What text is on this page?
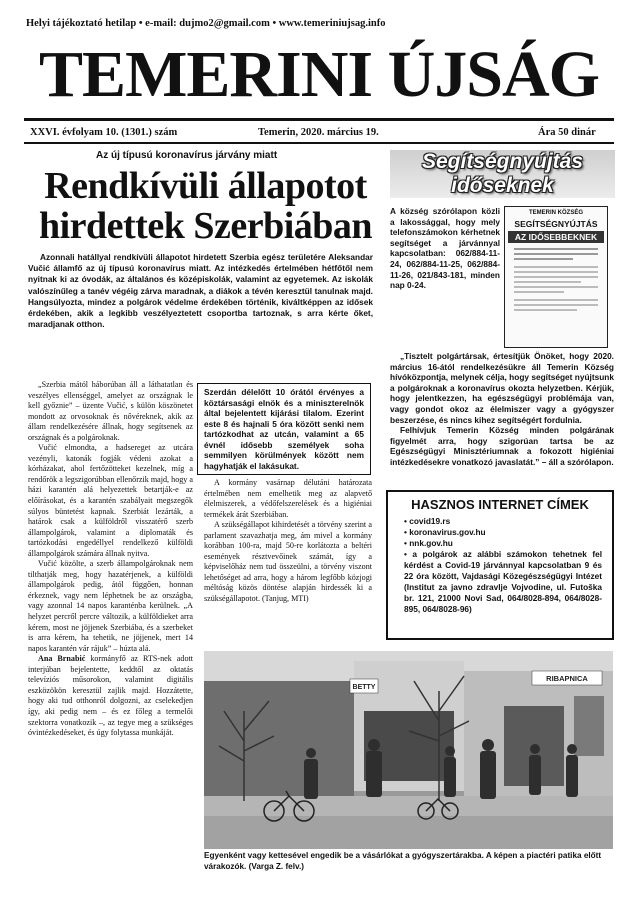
Helyi tájékoztató hetilap • e-mail: dujmo2@gmail.com • www.temeriniujsag.info
TEMERINI ÚJSÁG
XXVI. évfolyam 10. (1301.) szám	Temerin, 2020. március 19.	Ára 50 dinár
Az új típusú koronavírus járvány miatt
Rendkívüli állapotot hirdettek Szerbiában
Azonnali hatállyal rendkívüli állapotot hirdetett Szerbia egész területére Aleksandar Vučić államfő az új típusú koronavírus miatt. Az intézkedés értelmében hétfőtől nem nyitnak ki az óvodák, az általános és középiskolák, valamint az egyetemek. Az iskolák valószínűleg a tanév végéig zárva maradnak, a diákok a tévén keresztül tanulnak majd. Hangsúlyozta, mindez a polgárok védelme érdekében történik, kiváltképpen az idősek érdekében, akik a legkibb veszélyeztetett csoportba tartoznak, s arra kérte őket, maradjanak otthon.

„Szerbia mától háborúban áll a láthatatlan és veszélyes ellenséggel, amelyet az országnak le kell győznie” – üzente Vučić, s külön köszönetet mondott az orvosoknak és nővéreknek, akik az állam rendelkezésére állnak, hogy segítsenek az országnak és a polgároknak.

Vučić elmondta, a hadsereget az utcára vezényli, katonák fogják védeni azokat a kórházakat, ahol fertőzötteket kezelnek, míg a rendőrök a legszigorúbban ellenőrzik majd, hogy a házi karantén alá helyezettek betartják-e az előírásokat, és a karantén szabályait megszegők súlyos büntetést kapnak. Szerbiát lezárták, a határok csak a külföldről visszatérő szerb állampolgárok, valamint a diplomaták és tartózkodási engedéllyel rendelkező külföldi állampolgárok számára állnak nyitva.

Vučić közölte, a szerb állampolgároknak nem tilthatják meg, hogy hazatérjenek, a külföldi állampolgárok pedig, ától függően, honnan érkeznek, vagy nem léphetnek be az országba, vagy azonnal 14 napos karanténba kerülnek. „A helyzet percről percre változik, a külföldieket arra kérem, most ne jöjjenek Szerbiába, és a szerbeket is arra kérem, ha tehetik, ne jöjjenek, mert 14 napos karantén vár rájuk” – húzta alá.

Ana Brnabić kormányfő az RTS-nek adott interjúban bejelentette, keddtől az oktatás televíziós műsorokon, valamint digitális eszközökön keresztül zajlik majd. Hozzátette, hogy aki tud otthonról dolgozni, az cselekedjen így, aki pedig nem – és ez főleg a termelői szektorra vonatkozik –, az tegye meg a szükséges óvintézkedéseket, és úgy folytassa munkáját.

Szerdán délelőtt 10 órától érvényes a köztársasági elnök és a miniszterelnök által bejelentett kijárási tilalom. Ezerint este 8 és hajnali 5 óra között senki nem tartózkodhat az utcán, valamint a 65 évnél idősebb személyek soha semmilyen körülmények között nem hagyhatják el lakásukat.

A kormány vasárnap délutáni határozata értelmében nem emelhetik meg az alapvető élelmiszerek, a védőfelszerelések és a higiéniai termékek árát Szerbiában.

A szükségállapot kihirdetését a törvény szerint a parlament szavazhatja meg, ám mivel a kormány korábban 100-ra, majd 50-re korlátozta a beltéri események résztvevőinek számát, így a képviselőház nem tud összeülni, a törvény viszont lehetőséget ad arra, hogy a három legfőbb közjogi méltóság közös döntése alapján hirdessék ki a szükségállapotot. (Tanjug, MTI)

Segítségnyújtás
időseknek
A község szórólapon közli a lakossággal, hogy mely telefonszámokon kérhetnek segítséget a járvánnyal kapcsolatban: 062/884-11-24, 062/884-11-25, 062/884-11-26, 021/843-181, minden nap 0-24.
TEMERIN KÖZSÉG
SEGÍTSÉGNYÚJTÁS
AZ IDŐSEBBEKNEK

„Tisztelt polgártársak, értesítjük Önöket, hogy 2020. március 16-ától rendelkezésükre áll Temerin Község hívóközpontja, melynek célja, hogy segítséget nyújtsunk a polgároknak a koronavírus okozta helyzetben. Kérjük, hogy jelentkezzen, ha egészségügyi problémája van, vagy gondot okoz az élelmiszer vagy a gyógyszer beszerzése, és nincs kihez segítségért fordulnia.

Felhívjuk Temerin Község minden polgárának figyelmét arra, hogy szigorúan tartsa be az Egészségügyi Minisztériumnak a fokozott higiéniai intézkedésekre vonatkozó javaslatát.” – áll a szórólapon.

HASZNOS INTERNET CÍMEK
• covid19.rs
• koronavirus.gov.hu
• nnk.gov.hu
• a polgárok az alábbi számokon tehetnek fel kérdést a Covid-19 járvánnyal kapcsolatban 9 és 22 óra között, Vajdasági Közegészségügyi Intézet (Institut za javno zdravlje Vojvodine, ul. Futoška br. 121, 21000 Novi Sad, 064/8028-894, 064/8028-895, 064/8028-96)
BETTY
RIBAPNICA
Egyenként vagy kettesével engedik be a vásárlókat a gyógyszertárakba. A képen a piactéri patika előtt várakozók. (Varga Z. felv.)
